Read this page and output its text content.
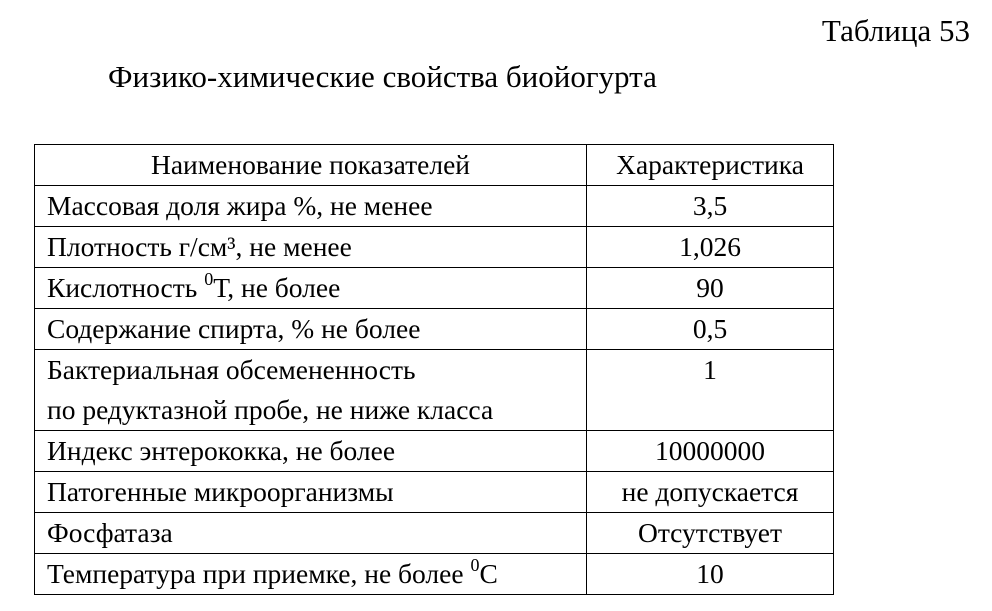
Таблица 53
Физико-химические свойства биойогурта
Наименование показателей	Характеристика
Массовая доля жира %, не менее	3,5
Плотность г/см³, не менее	1,026
Кислотность $^0$Т, не более	90
Содержание спирта, % не более	0,5

Бактериальная обсемененность
по редуктазной пробе, не ниже класса	1
Индекс энтерококка, не более	10000000
Патогенные микроорганизмы	не допускается
Фосфатаза	Отсутствует
Температура при приемке, не более $^0$С	10
